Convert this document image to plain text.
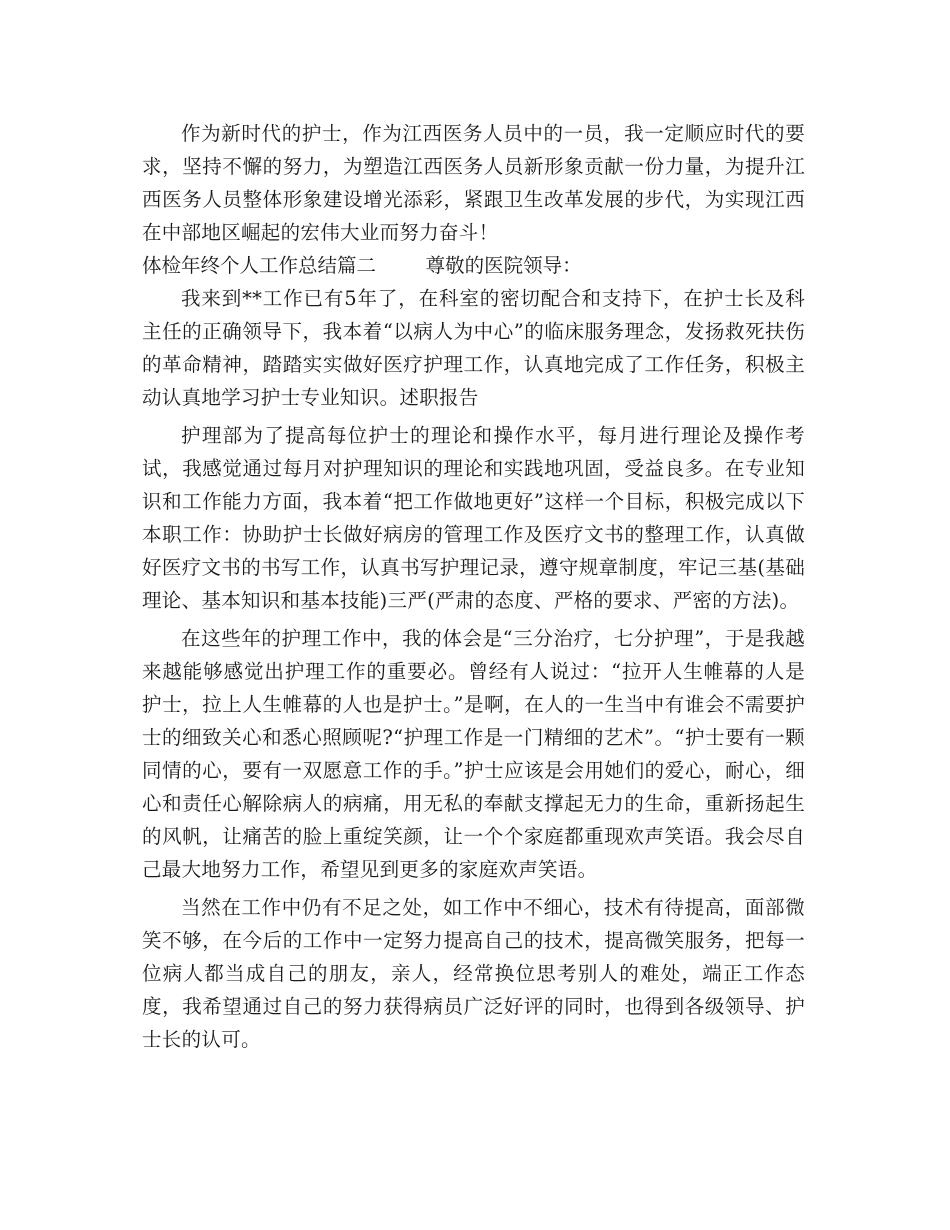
作为新时代的护士，作为江西医务人员中的一员，我一定顺应时代的要求，坚持不懈的努力，为塑造江西医务人员新形象贡献一份力量，为提升江西医务人员整体形象建设增光添彩，紧跟卫生改革发展的步代，为实现江西在中部地区崛起的宏伟大业而努力奋斗！

体检年终个人工作总结篇二	尊敬的医院领导：

我来到**工作已有5年了，在科室的密切配合和支持下，在护士长及科主任的正确领导下，我本着“以病人为中心”的临床服务理念，发扬救死扶伤的革命精神，踏踏实实做好医疗护理工作，认真地完成了工作任务，积极主动认真地学习护士专业知识。述职报告

护理部为了提高每位护士的理论和操作水平，每月进行理论及操作考试，我感觉通过每月对护理知识的理论和实践地巩固，受益良多。在专业知识和工作能力方面，我本着“把工作做地更好”这样一个目标，积极完成以下本职工作：协助护士长做好病房的管理工作及医疗文书的整理工作，认真做好医疗文书的书写工作，认真书写护理记录，遵守规章制度，牢记三基(基础理论、基本知识和基本技能)三严(严肃的态度、严格的要求、严密的方法)。

在这些年的护理工作中，我的体会是“三分治疗，七分护理”，于是我越来越能够感觉出护理工作的重要必。曾经有人说过：“拉开人生帷幕的人是护士，拉上人生帷幕的人也是护士。”是啊，在人的一生当中有谁会不需要护士的细致关心和悉心照顾呢?“护理工作是一门精细的艺术”。“护士要有一颗同情的心，要有一双愿意工作的手。”护士应该是会用她们的爱心，耐心，细心和责任心解除病人的病痛，用无私的奉献支撑起无力的生命，重新扬起生的风帆，让痛苦的脸上重绽笑颜，让一个个家庭都重现欢声笑语。我会尽自己最大地努力工作，希望见到更多的家庭欢声笑语。

当然在工作中仍有不足之处，如工作中不细心，技术有待提高，面部微笑不够，在今后的工作中一定努力提高自己的技术，提高微笑服务，把每一位病人都当成自己的朋友，亲人，经常换位思考别人的难处，端正工作态度，我希望通过自己的努力获得病员广泛好评的同时，也得到各级领导、护士长的认可。
